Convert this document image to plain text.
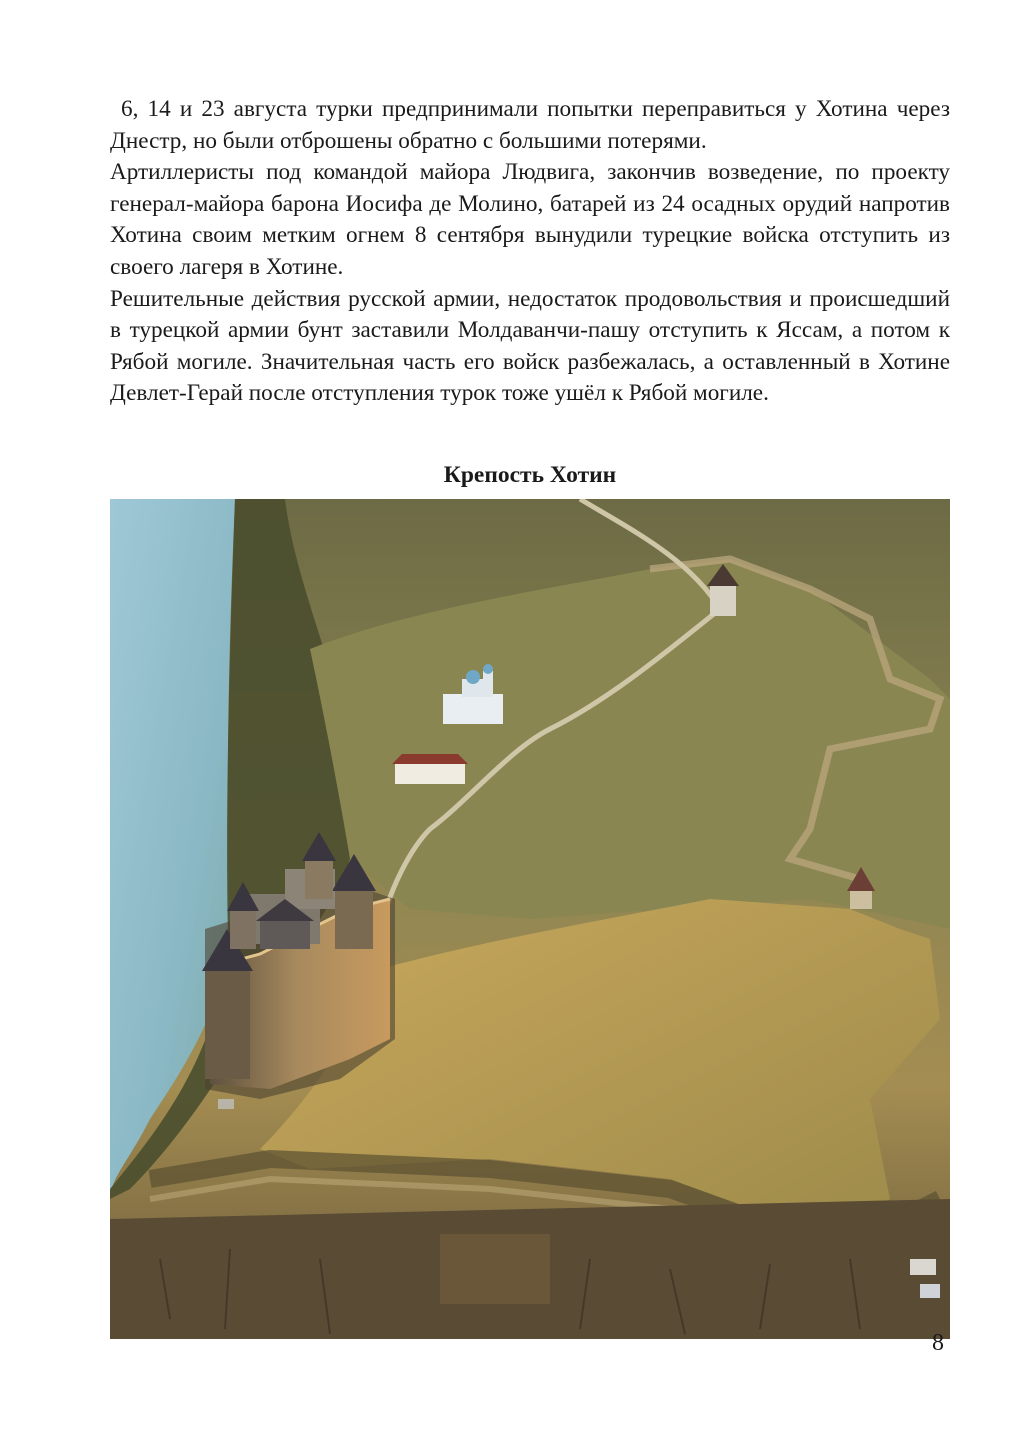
6, 14 и 23 августа турки предпринимали попытки переправиться у Хотина через Днестр, но были отброшены обратно с большими потерями.

Артиллеристы под командой майора Людвига, закончив возведение, по проекту генерал-майора барона Иосифа де Молино, батарей из 24 осадных орудий напротив Хотина своим метким огнем 8 сентября вынудили турецкие войска отступить из своего лагеря в Хотине.

Решительные действия русской армии, недостаток продовольствия и происшедший в турецкой армии бунт заставили Молдаванчи-пашу отступить к Яссам, а потом к Рябой могиле. Значительная часть его войск разбежалась, а оставленный в Хотине Девлет-Герай после отступления турок тоже ушёл к Рябой могиле.

Крепость Хотин
8
